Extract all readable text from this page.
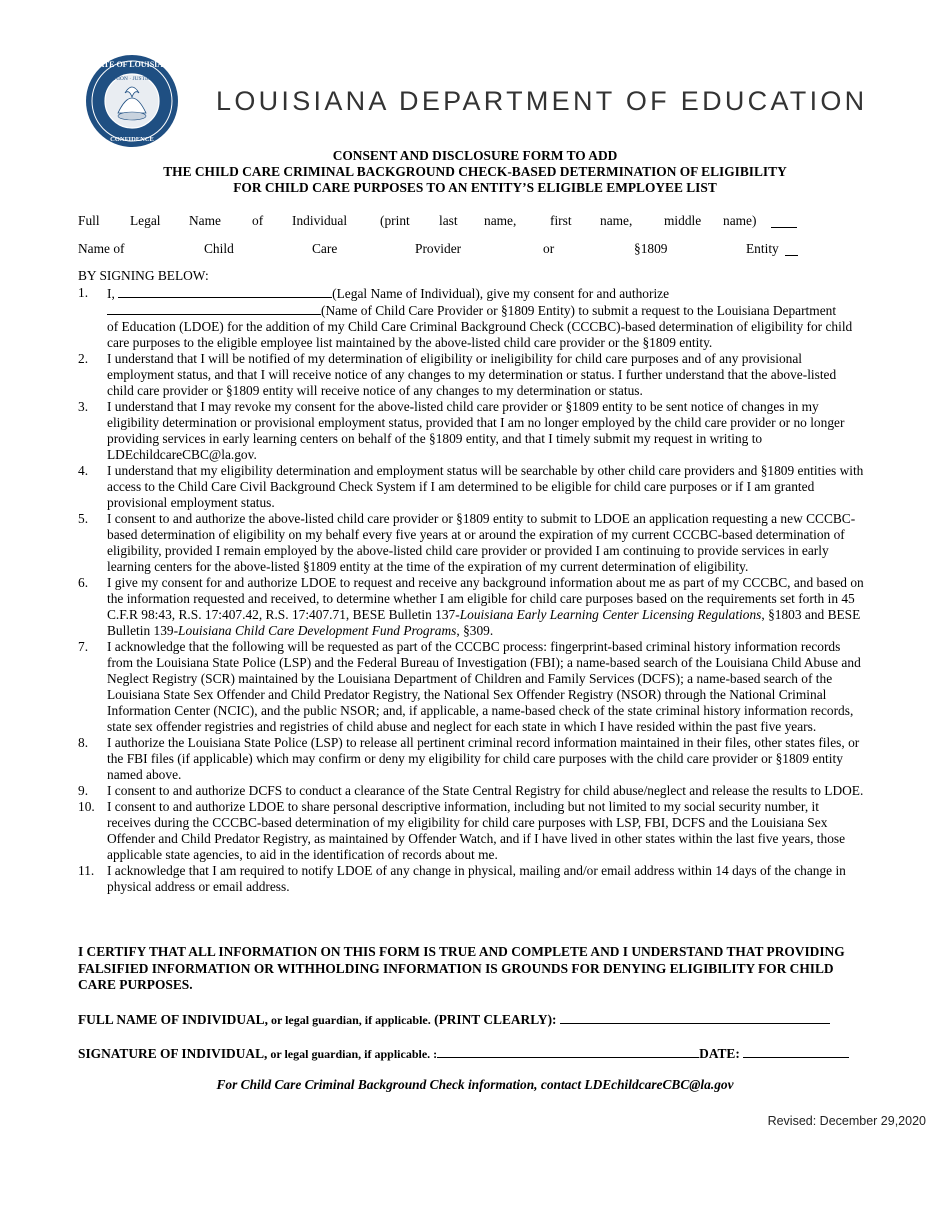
STATE OF LOUISIANA
UNION · JUSTICE
CONFIDENCE
LOUISIANA DEPARTMENT OF EDUCATION
CONSENT AND DISCLOSURE FORM TO ADD
THE CHILD CARE CRIMINAL BACKGROUND CHECK-BASED DETERMINATION OF ELIGIBILITY
FOR CHILD CARE PURPOSES TO AN ENTITY’S ELIGIBLE EMPLOYEE LIST
Full Legal Name of Individual (print last name,	first name, middle name)
Name of	Child	Care	Provider	or	§1809	Entity
BY SIGNING BELOW:
1. I,	(Legal Name of Individual), give my consent for and authorize
(Name of Child Care Provider or §1809 Entity) to submit a request to the Louisiana Department
of Education (LDOE) for the addition of my Child Care Criminal Background Check (CCCBC)-based determination of eligibility for child care purposes to the eligible employee list maintained by the above-listed child care provider or the §1809 entity.
2. I understand that I will be notified of my determination of eligibility or ineligibility for child care purposes and of any provisional employment status, and that I will receive notice of any changes to my determination or status. I further understand that the above-listed child care provider or §1809 entity will receive notice of any changes to my determination or status.
3. I understand that I may revoke my consent for the above-listed child care provider or §1809 entity to be sent notice of changes in my eligibility determination or provisional employment status, provided that I am no longer employed by the child care provider or no longer providing services in early learning centers on behalf of the §1809 entity, and that I timely submit my request in writing to LDEchildcareCBC@la.gov.
4. I understand that my eligibility determination and employment status will be searchable by other child care providers and §1809 entities with access to the Child Care Civil Background Check System if I am determined to be eligible for child care purposes or if I am granted provisional employment status.
5. I consent to and authorize the above-listed child care provider or §1809 entity to submit to LDOE an application requesting a new CCCBC-based determination of eligibility on my behalf every five years at or around the expiration of my current CCCBC-based determination of eligibility, provided I remain employed by the above-listed child care provider or provided I am continuing to provide services in early learning centers for the above-listed §1809 entity at the time of the expiration of my current determination of eligibility.
6. I give my consent for and authorize LDOE to request and receive any background information about me as part of my CCCBC, and based on the information requested and received, to determine whether I am eligible for child care purposes based on the requirements set forth in 45 C.F.R 98:43, R.S. 17:407.42, R.S. 17:407.71, BESE Bulletin 137-Louisiana Early Learning Center Licensing Regulations, §1803 and BESE Bulletin 139-Louisiana Child Care Development Fund Programs, §309.
7. I acknowledge that the following will be requested as part of the CCCBC process: fingerprint-based criminal history information records from the Louisiana State Police (LSP) and the Federal Bureau of Investigation (FBI); a name-based search of the Louisiana Child Abuse and Neglect Registry (SCR) maintained by the Louisiana Department of Children and Family Services (DCFS); a name-based search of the Louisiana State Sex Offender and Child Predator Registry, the National Sex Offender Registry (NSOR) through the National Criminal Information Center (NCIC), and the public NSOR; and, if applicable, a name-based check of the state criminal history information records, state sex offender registries and registries of child abuse and neglect for each state in which I have resided within the past five years.
8. I authorize the Louisiana State Police (LSP) to release all pertinent criminal record information maintained in their files, other states files, or the FBI files (if applicable) which may confirm or deny my eligibility for child care purposes with the child care provider or §1809 entity named above.
9. I consent to and authorize DCFS to conduct a clearance of the State Central Registry for child abuse/neglect and release the results to LDOE.
10. I consent to and authorize LDOE to share personal descriptive information, including but not limited to my social security number, it receives during the CCCBC-based determination of my eligibility for child care purposes with LSP, FBI, DCFS and the Louisiana Sex Offender and Child Predator Registry, as maintained by Offender Watch, and if I have lived in other states within the last five years, those applicable state agencies, to aid in the identification of records about me.
11. I acknowledge that I am required to notify LDOE of any change in physical, mailing and/or email address within 14 days of the change in physical address or email address.
I CERTIFY THAT ALL INFORMATION ON THIS FORM IS TRUE AND COMPLETE AND I UNDERSTAND THAT PROVIDING FALSIFIED INFORMATION OR WITHHOLDING INFORMATION IS GROUNDS FOR DENYING ELIGIBILITY FOR CHILD CARE PURPOSES.
FULL NAME OF INDIVIDUAL, or legal guardian, if applicable. (PRINT CLEARLY):
SIGNATURE OF INDIVIDUAL, or legal guardian, if applicable. :	DATE:
For Child Care Criminal Background Check information, contact LDEchildcareCBC@la.gov
Revised: December 29,2020
